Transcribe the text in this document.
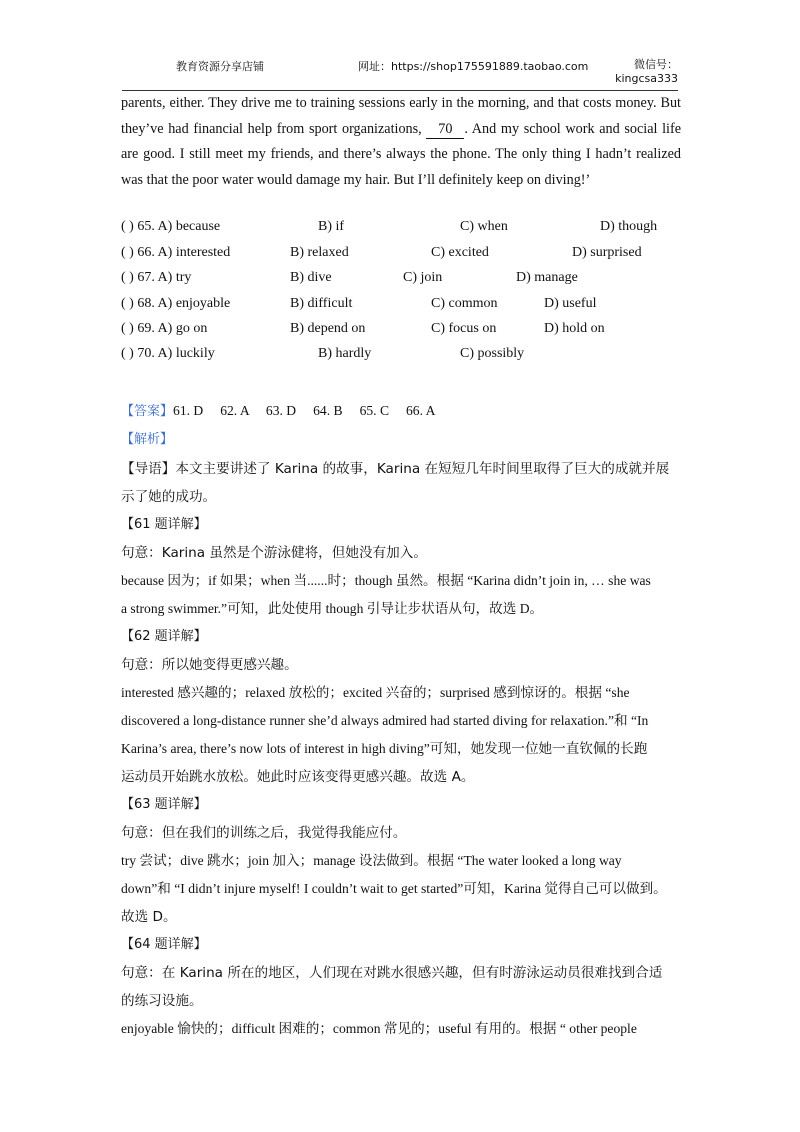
教育资源分享店铺	网址：https://shop175591889.taobao.com	微信号：
kingcsa333
parents, either. They drive me to training sessions early in the morning, and that costs money. But they’ve had financial help from sport organizations, 70 . And my school work and social life are good. I still meet my friends, and there’s always the phone. The only thing I hadn’t realized was that the poor water would damage my hair. But I’ll definitely keep on diving!’
( ) 65. A) because	B) if	C) when	D) though
( ) 66. A) interested	B) relaxed	C) excited	D) surprised
( ) 67. A) try	B) dive	C) join	D) manage
( ) 68. A) enjoyable	B) difficult	C) common	D) useful
( ) 69. A) go on	B) depend on	C) focus on	D) hold on
( ) 70. A) luckily	B) hardly	C) possibly
【答案】61. D     62. A     63. D     64. B     65. C     66. A
【解析】
【导语】本文主要讲述了 Karina 的故事，Karina 在短短几年时间里取得了巨大的成就并展
示了她的成功。
【61 题详解】
句意：Karina 虽然是个游泳健将，但她没有加入。
because 因为；if 如果；when 当......时；though 虽然。根据 “Karina didn’t join in, … she was
a strong swimmer.”可知，此处使用 though 引导让步状语从句，故选 D。
【62 题详解】
句意：所以她变得更感兴趣。
interested 感兴趣的；relaxed 放松的；excited 兴奋的；surprised 感到惊讶的。根据 “she
discovered a long-distance runner she’d always admired had started diving for relaxation.”和 “In
Karina’s area, there’s now lots of interest in high diving”可知，她发现一位她一直钦佩的长跑
运动员开始跳水放松。她此时应该变得更感兴趣。故选 A。
【63 题详解】
句意：但在我们的训练之后，我觉得我能应付。
try 尝试；dive 跳水；join 加入；manage 设法做到。根据 “The water looked a long way
down”和 “I didn’t injure myself! I couldn’t wait to get started”可知，Karina 觉得自己可以做到。
故选 D。
【64 题详解】
句意：在 Karina 所在的地区，人们现在对跳水很感兴趣，但有时游泳运动员很难找到合适
的练习设施。
enjoyable 愉快的；difficult 困难的；common 常见的；useful 有用的。根据 “ other people
